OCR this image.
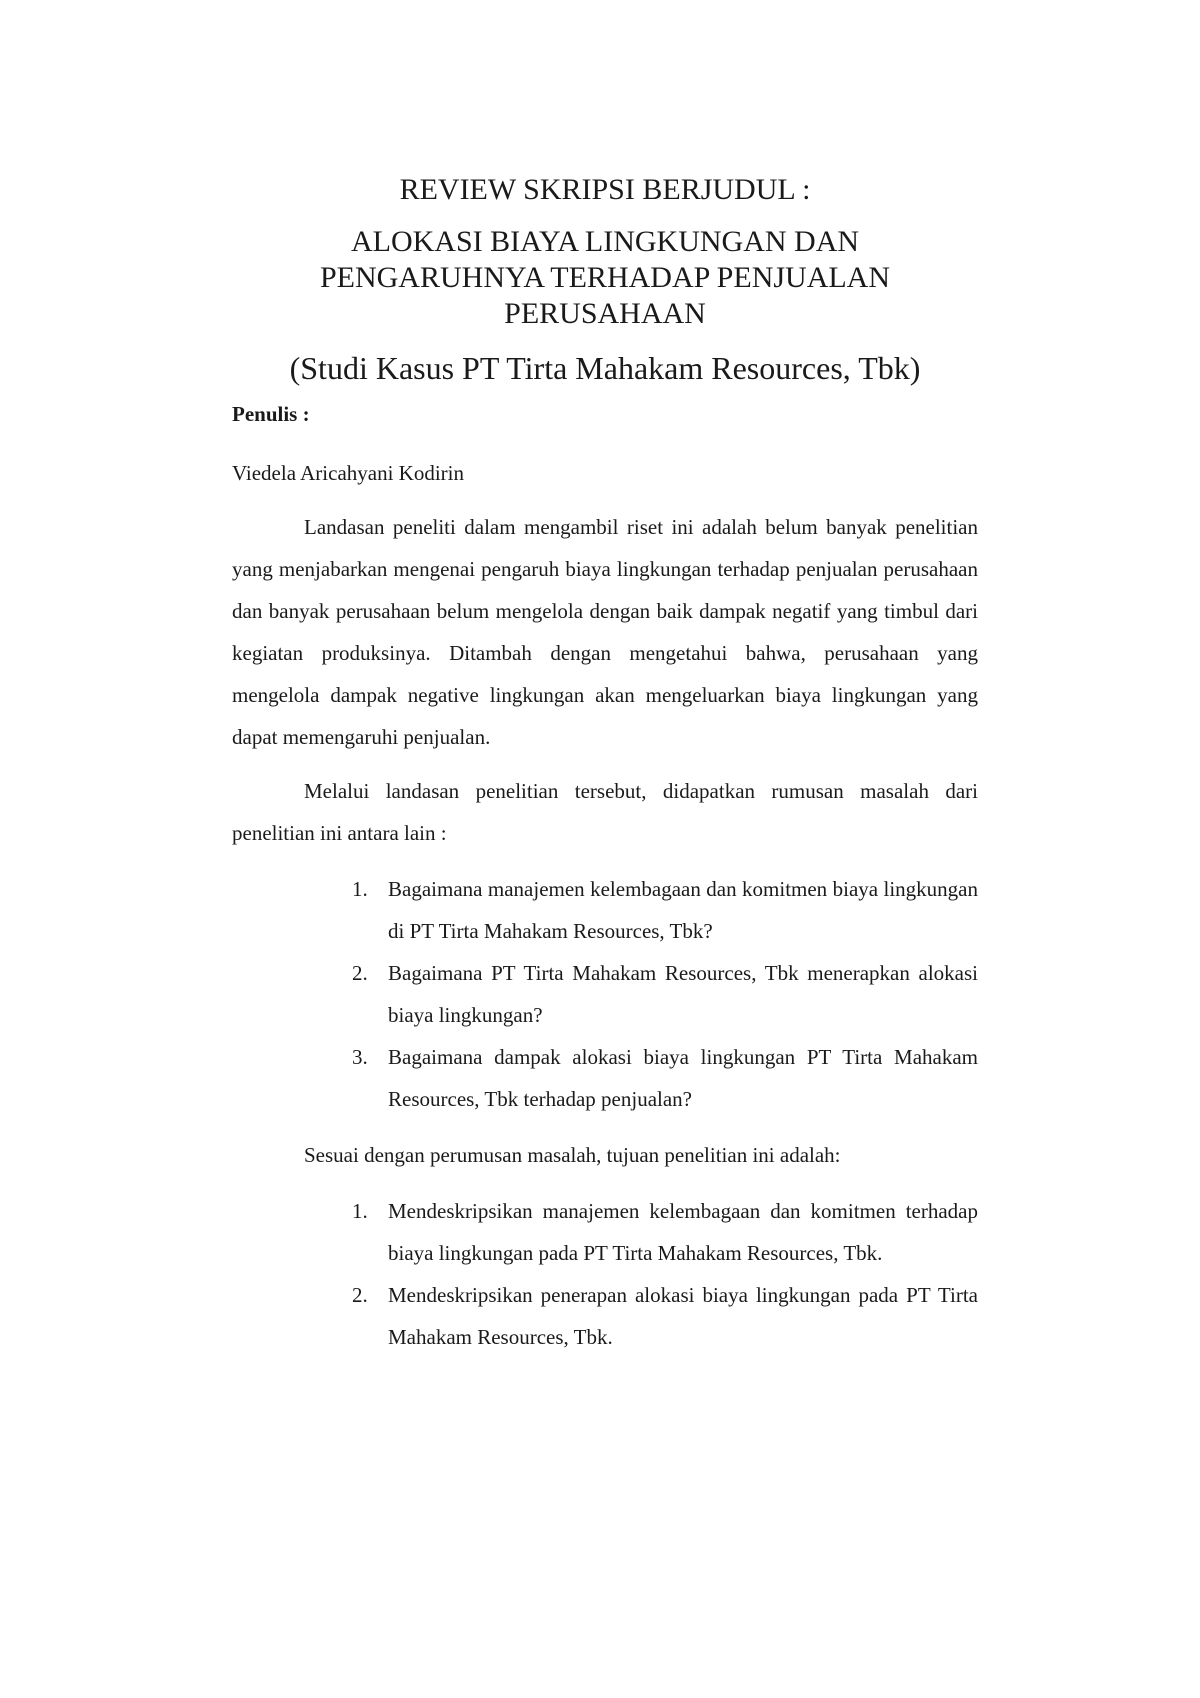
REVIEW SKRIPSI BERJUDUL :

ALOKASI BIAYA LINGKUNGAN DAN

PENGARUHNYA TERHADAP PENJUALAN

PERUSAHAAN

(Studi Kasus PT Tirta Mahakam Resources, Tbk)

Penulis :

Viedela Aricahyani Kodirin

Landasan peneliti dalam mengambil riset ini adalah belum banyak penelitian yang menjabarkan mengenai pengaruh biaya lingkungan terhadap penjualan perusahaan dan banyak perusahaan belum mengelola dengan baik dampak negatif yang timbul dari kegiatan produksinya. Ditambah dengan mengetahui bahwa, perusahaan yang mengelola dampak negative lingkungan akan mengeluarkan biaya lingkungan yang dapat memengaruhi penjualan.

Melalui landasan penelitian tersebut, didapatkan rumusan masalah dari penelitian ini antara lain :

1. Bagaimana manajemen kelembagaan dan komitmen biaya lingkungan di PT Tirta Mahakam Resources, Tbk?
2. Bagaimana PT Tirta Mahakam Resources, Tbk menerapkan alokasi biaya lingkungan?
3. Bagaimana dampak alokasi biaya lingkungan PT Tirta Mahakam Resources, Tbk terhadap penjualan?

Sesuai dengan perumusan masalah, tujuan penelitian ini adalah:

1. Mendeskripsikan manajemen kelembagaan dan komitmen terhadap biaya lingkungan pada PT Tirta Mahakam Resources, Tbk.
2. Mendeskripsikan penerapan alokasi biaya lingkungan pada PT Tirta Mahakam Resources, Tbk.
